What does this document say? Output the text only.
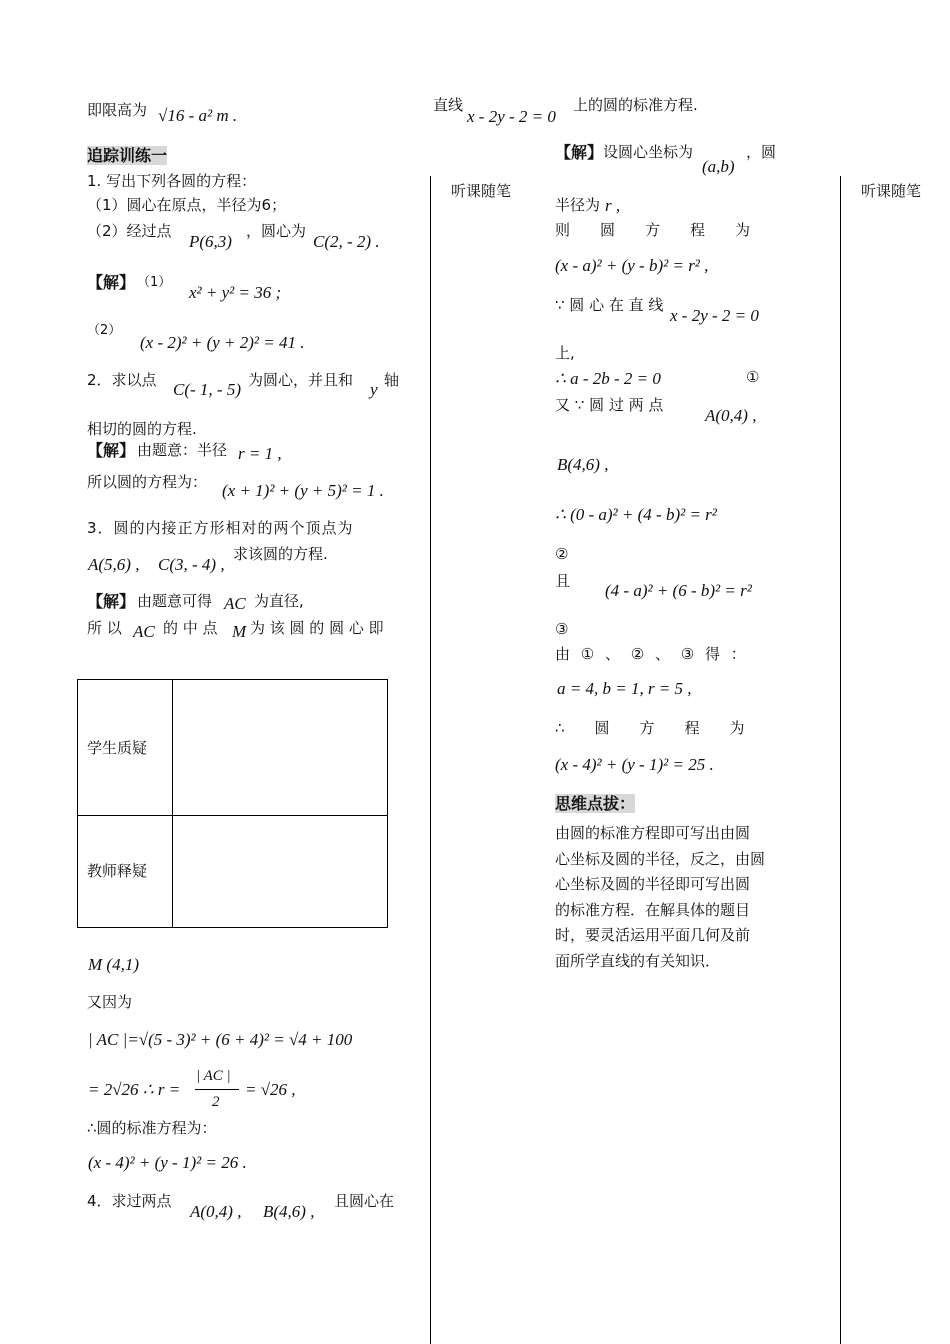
即限高为 √16 - a² m .
追踪训练一
1. 写出下列各圆的方程：
（1）圆心在原点，半径为6；
（2）经过点
P(6,3)
，圆心为
C(2, - 2) .
【解】 （1）
x² + y² = 36 ;
（2）
(x - 2)² + (y + 2)² = 41 .
2．求以点 C(- 1, - 5) 为圆心，并且和 y 轴
相切的圆的方程.
【解】 由题意：半径 r = 1 ,
所以圆的方程为： (x + 1)² + (y + 5)² = 1 .
3．圆的内接正方形相对的两个顶点为
A(5,6) , C(3, - 4) ,
求该圆的方程.
【解】 由题意可得 AC 为直径,
所 以 AC 的 中 点 M 为 该 圆 的 圆 心 即
学生质疑
教师释疑
M (4,1)
又因为
| AC |=√(5 - 3)² + (6 + 4)² = √4 + 100
= 2√26 ∴ r =
| AC |
2
= √26 ,
∴圆的标准方程为：
(x - 4)² + (y - 1)² = 26 .
4．求过两点
A(0,4) , B(4,6) ,
且圆心在
听课随笔	听课随笔
直线
x - 2y - 2 = 0
上的圆的标准方程.
【解】 设圆心坐标为
(a,b)
，圆
半径为 r ,
则　　圆　　方　　程　　为
(x - a)² + (y - b)² = r² ,
∵ 圆 心 在 直 线
x - 2y - 2 = 0
上,
∴ a - 2b - 2 = 0	①
又 ∵ 圆 过 两 点
A(0,4) ,
B(4,6) ,
∴ (0 - a)² + (4 - b)² = r²
②
且 (4 - a)² + (6 - b)² = r²
③
由 ① 、 ② 、 ③ 得 ：
a = 4, b = 1, r = 5 ,
∴　　圆　　方　　程　　为
(x - 4)² + (y - 1)² = 25 .
思维点拔：
由圆的标准方程即可写出由圆
心坐标及圆的半径，反之，由圆
心坐标及圆的半径即可写出圆
的标准方程．在解具体的题目
时，要灵活运用平面几何及前
面所学直线的有关知识．
